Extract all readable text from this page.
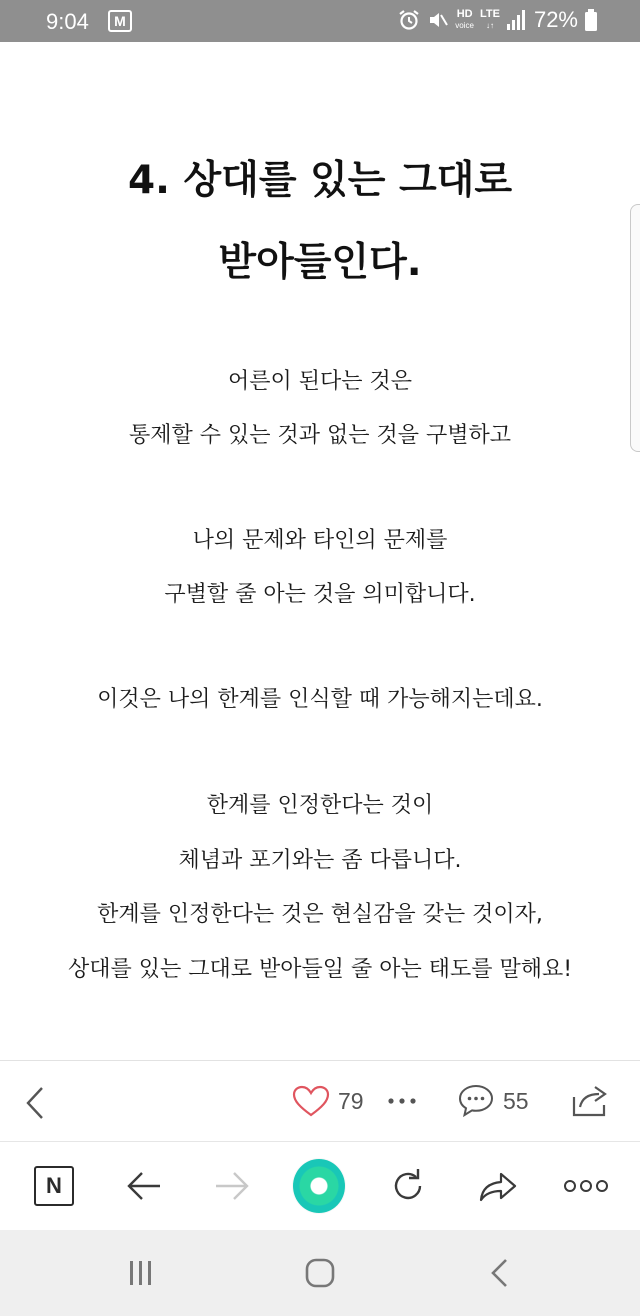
9:04	M	HD
voice
LTE
↓↑ 72%
4. 상대를 있는 그대로
받아들인다.
어른이 된다는 것은
통제할 수 있는 것과 없는 것을 구별하고
나의 문제와 타인의 문제를
구별할 줄 아는 것을 의미합니다.
이것은 나의 한계를 인식할 때 가능해지는데요.
한계를 인정한다는 것이
체념과 포기와는 좀 다릅니다.
한계를 인정한다는 것은 현실감을 갖는 것이자,
상대를 있는 그대로 받아들일 줄 아는 태도를 말해요!
79	55
N
